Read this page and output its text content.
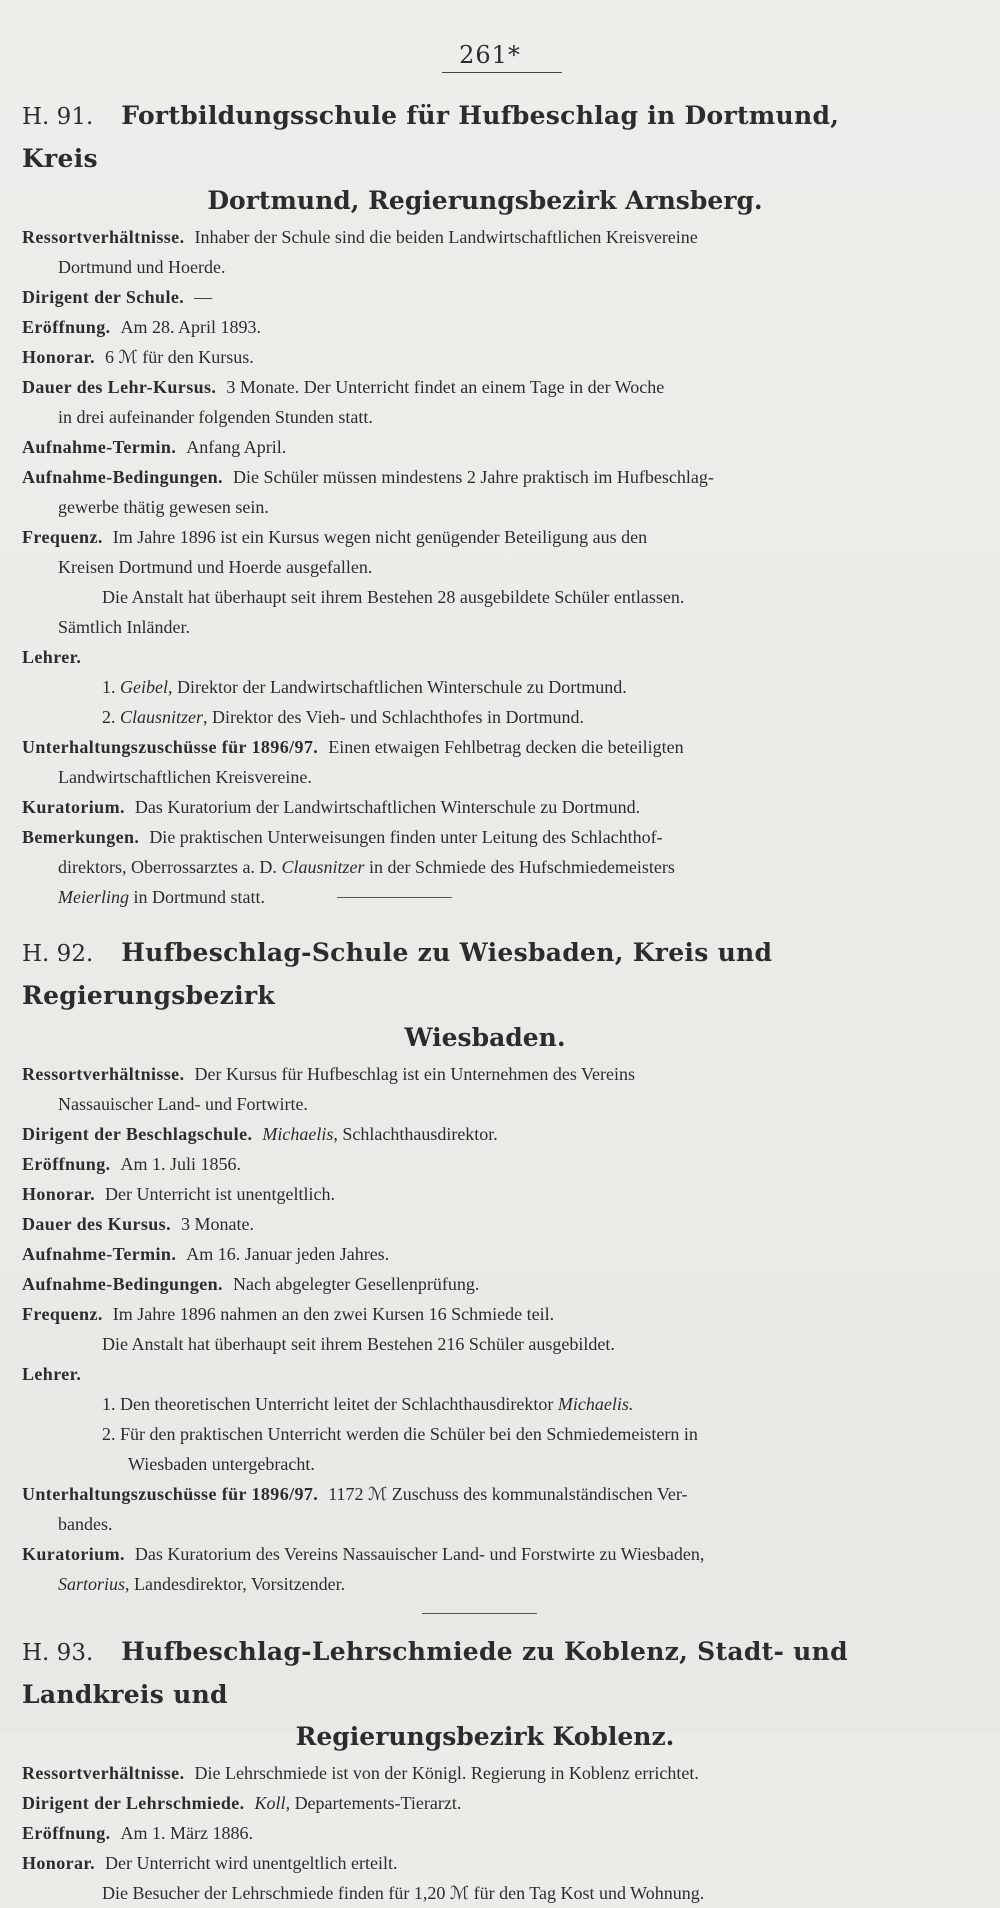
261*
H. 91. Fortbildungsschule für Hufbeschlag in Dortmund, Kreis
Dortmund, Regierungsbezirk Arnsberg.
Ressortverhältnisse. Inhaber der Schule sind die beiden Landwirtschaftlichen Kreisvereine
Dortmund und Hoerde.
Dirigent der Schule. —
Eröffnung. Am 28. April 1893.
Honorar. 6 ℳ für den Kursus.
Dauer des Lehr-Kursus. 3 Monate. Der Unterricht findet an einem Tage in der Woche
in drei aufeinander folgenden Stunden statt.
Aufnahme-Termin. Anfang April.
Aufnahme-Bedingungen. Die Schüler müssen mindestens 2 Jahre praktisch im Hufbeschlag-
gewerbe thätig gewesen sein.
Frequenz. Im Jahre 1896 ist ein Kursus wegen nicht genügender Beteiligung aus den
Kreisen Dortmund und Hoerde ausgefallen.
Die Anstalt hat überhaupt seit ihrem Bestehen 28 ausgebildete Schüler entlassen.
Sämtlich Inländer.
Lehrer.
1. Geibel, Direktor der Landwirtschaftlichen Winterschule zu Dortmund.
2. Clausnitzer, Direktor des Vieh- und Schlachthofes in Dortmund.
Unterhaltungszuschüsse für 1896/97. Einen etwaigen Fehlbetrag decken die beteiligten
Landwirtschaftlichen Kreisvereine.
Kuratorium. Das Kuratorium der Landwirtschaftlichen Winterschule zu Dortmund.
Bemerkungen. Die praktischen Unterweisungen finden unter Leitung des Schlachthof-
direktors, Oberrossarztes a. D. Clausnitzer in der Schmiede des Hufschmiedemeisters
Meierling
in Dortmund statt.
H. 92. Hufbeschlag-Schule zu Wiesbaden, Kreis und Regierungsbezirk
Wiesbaden.
Ressortverhältnisse. Der Kursus für Hufbeschlag ist ein Unternehmen des Vereins
Nassauischer Land- und Fortwirte.
Dirigent der Beschlagschule. Michaelis, Schlachthausdirektor.
Eröffnung. Am 1. Juli 1856.
Honorar. Der Unterricht ist unentgeltlich.
Dauer des Kursus. 3 Monate.
Aufnahme-Termin. Am 16. Januar jeden Jahres.
Aufnahme-Bedingungen. Nach abgelegter Gesellenprüfung.
Frequenz. Im Jahre 1896 nahmen an den zwei Kursen 16 Schmiede teil.
Die Anstalt hat überhaupt seit ihrem Bestehen 216 Schüler ausgebildet.
Lehrer.
1. Den theoretischen Unterricht leitet der Schlachthausdirektor Michaelis.
2. Für den praktischen Unterricht werden die Schüler bei den Schmiedemeistern in
Wiesbaden untergebracht.
Unterhaltungszuschüsse für 1896/97. 1172 ℳ Zuschuss des kommunalständischen Ver-
bandes.
Kuratorium. Das Kuratorium des Vereins Nassauischer Land- und Forstwirte zu Wiesbaden,
Sartorius, Landesdirektor, Vorsitzender.
H. 93. Hufbeschlag-Lehrschmiede zu Koblenz, Stadt- und Landkreis und
Regierungsbezirk Koblenz.
Ressortverhältnisse. Die Lehrschmiede ist von der Königl. Regierung in Koblenz errichtet.
Dirigent der Lehrschmiede. Koll, Departements-Tierarzt.
Eröffnung. Am 1. März 1886.
Honorar. Der Unterricht wird unentgeltlich erteilt.
Die Besucher der Lehrschmiede finden für 1,20 ℳ für den Tag Kost und Wohnung.
